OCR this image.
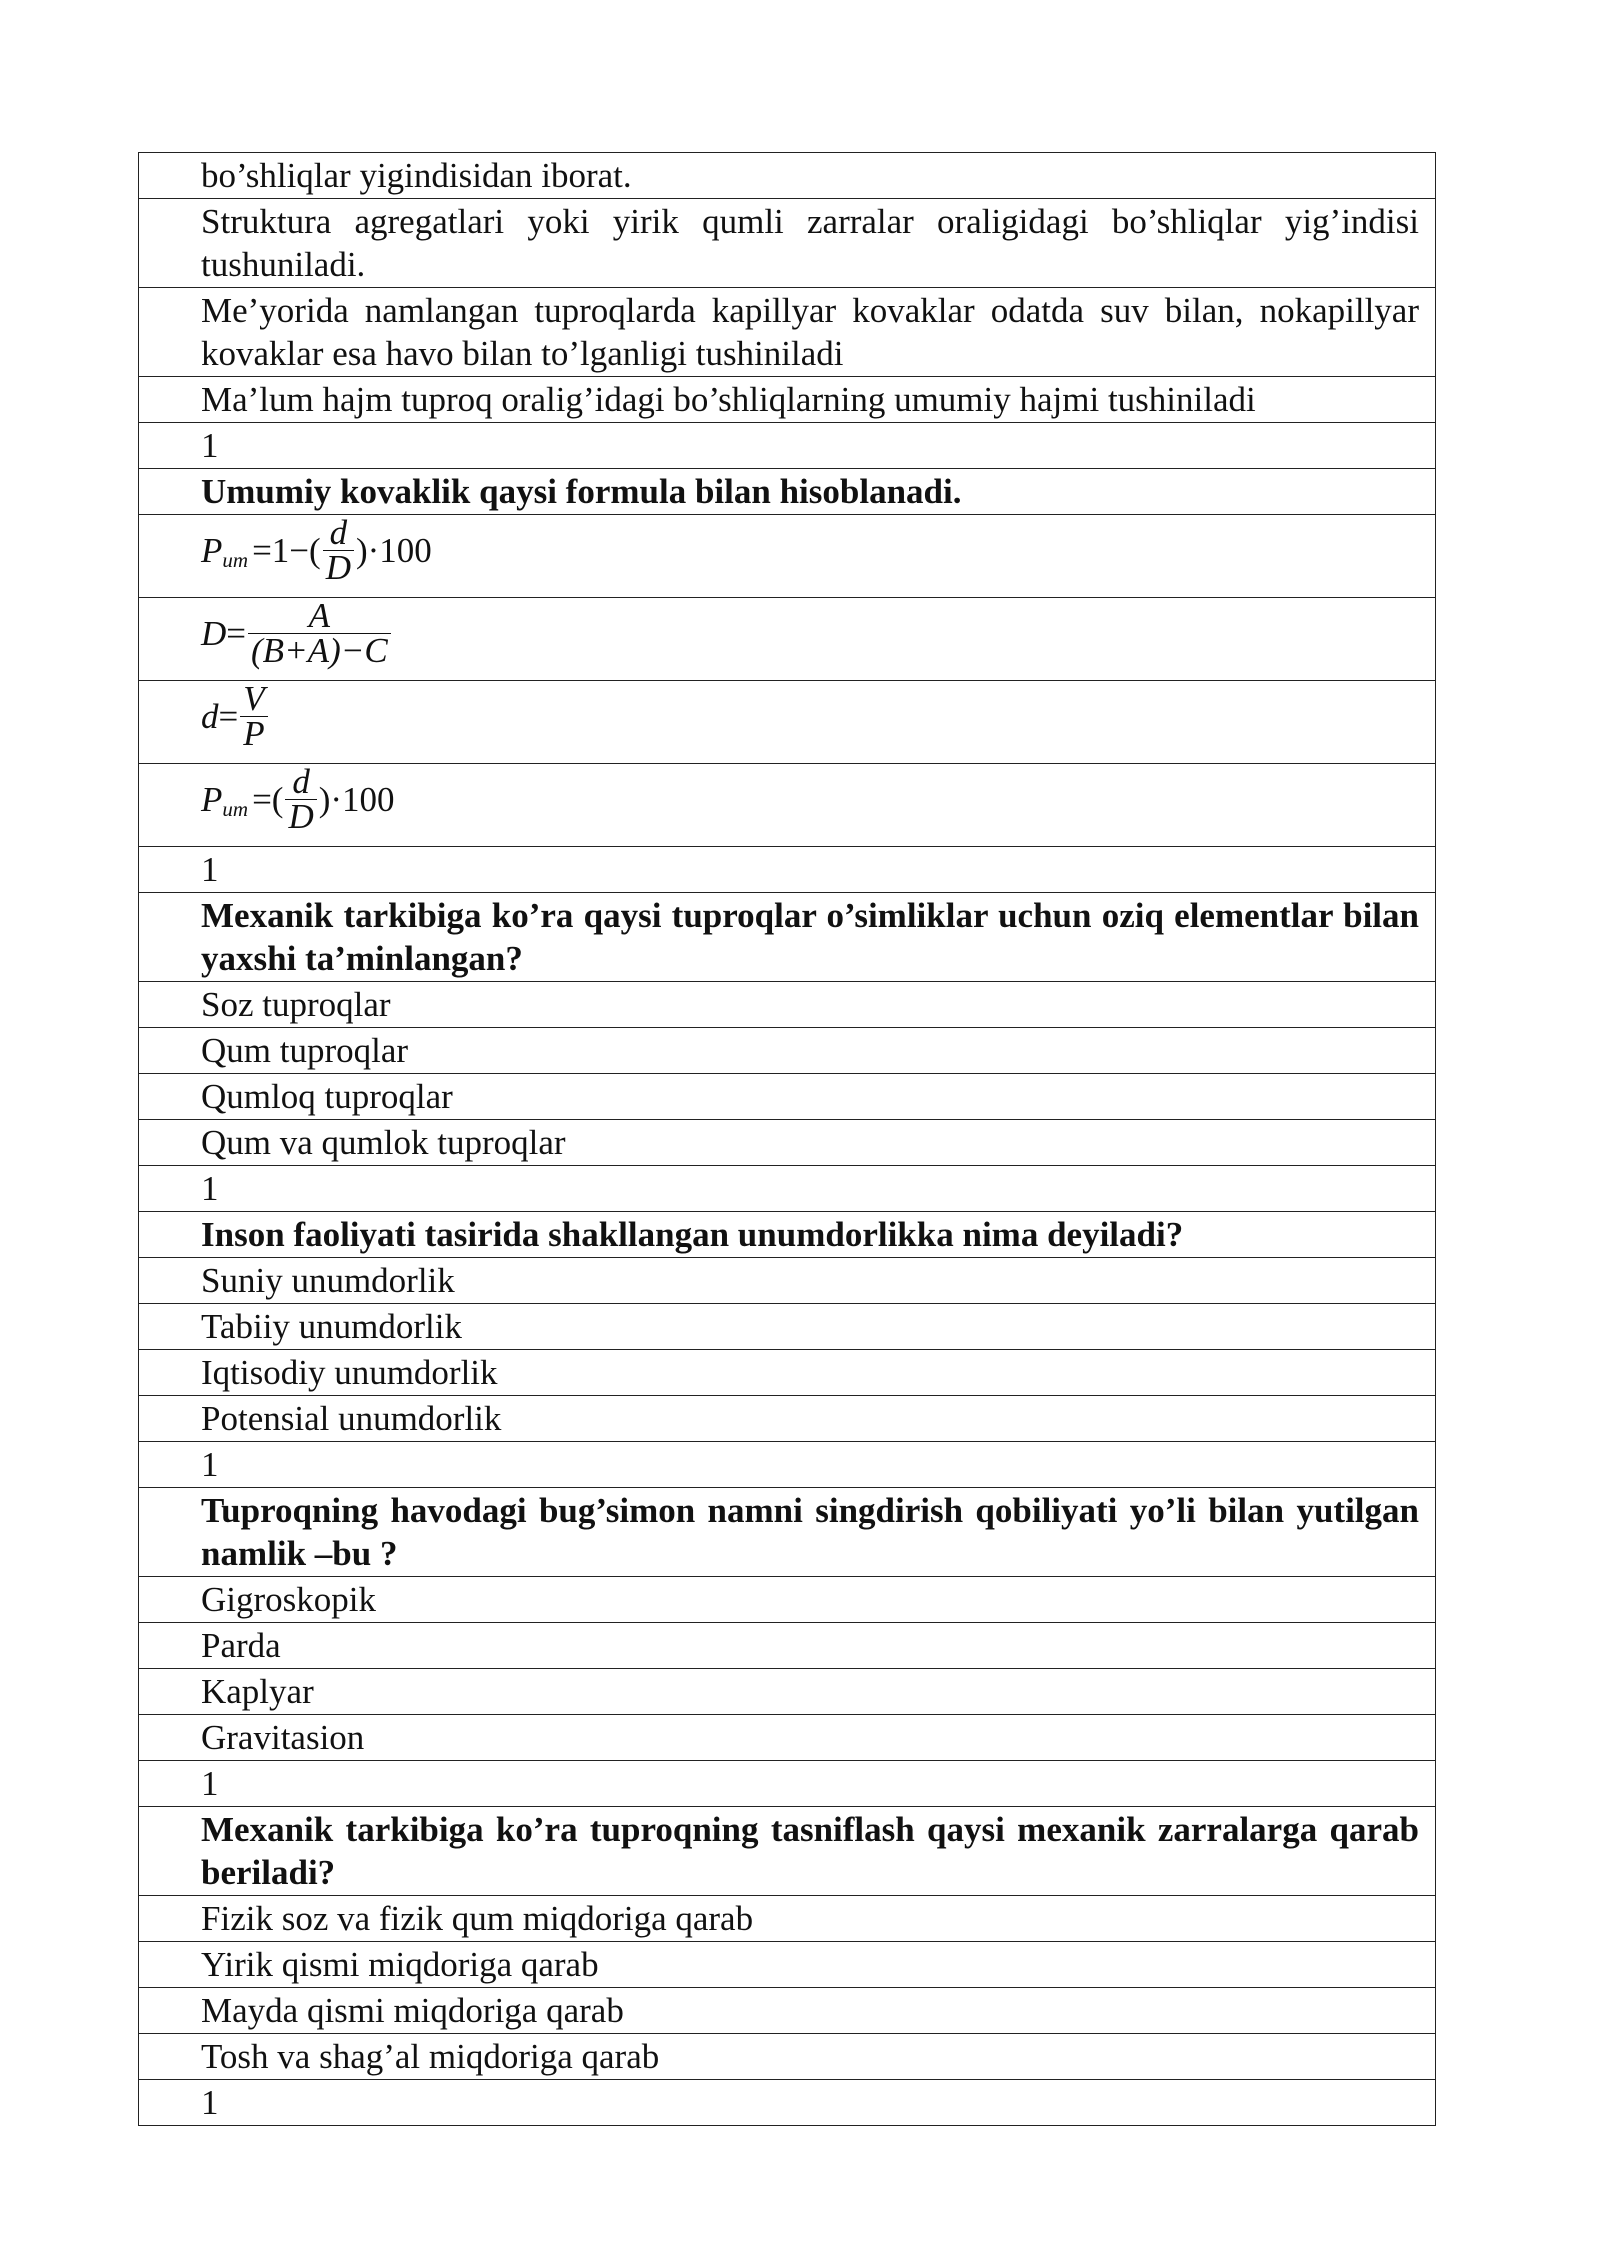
bo’shliqlar yigindisidan iborat.
Struktura agregatlari yoki yirik qumli zarralar oraligidagi bo’shliqlar yig’indisi tushuniladi.
Me’yorida namlangan tuproqlarda kapillyar kovaklar odatda suv bilan, nokapillyar kovaklar esa havo bilan to’lganligi tushiniladi
Ma’lum hajm tuproq oralig’idagi bo’shliqlarning umumiy hajmi tushiniladi
1
Umumiy kovaklik qaysi formula bilan hisoblanadi.

$P_{um} =1-( \frac{d}{D} )\cdot 100$

$D = \frac{A}{(B+A)-C}$

$d = \frac{V}{P}$

$P_{um}$ =( $\frac{d}{D} )\cdot 100$

1
Mexanik tarkibiga ko’ra qaysi tuproqlar o’simliklar uchun oziq elementlar bilan yaxshi ta’minlangan?
Soz tuproqlar
Qum tuproqlar
Qumloq tuproqlar
Qum va qumlok tuproqlar
1
Inson faoliyati tasirida shakllangan unumdorlikka nima deyiladi?
Suniy unumdorlik
Tabiiy unumdorlik
Iqtisodiy unumdorlik
Potensial unumdorlik
1
Tuproqning havodagi bug’simon namni singdirish qobiliyati yo’li bilan yutilgan namlik –bu ?
Gigroskopik
Parda
Kaplyar
Gravitasion
1
Mexanik tarkibiga ko’ra tuproqning tasniflash qaysi mexanik zarralarga qarab beriladi?
Fizik soz va fizik qum miqdoriga qarab
Yirik qismi miqdoriga qarab
Mayda qismi miqdoriga qarab
Tosh va shag’al miqdoriga qarab
1
